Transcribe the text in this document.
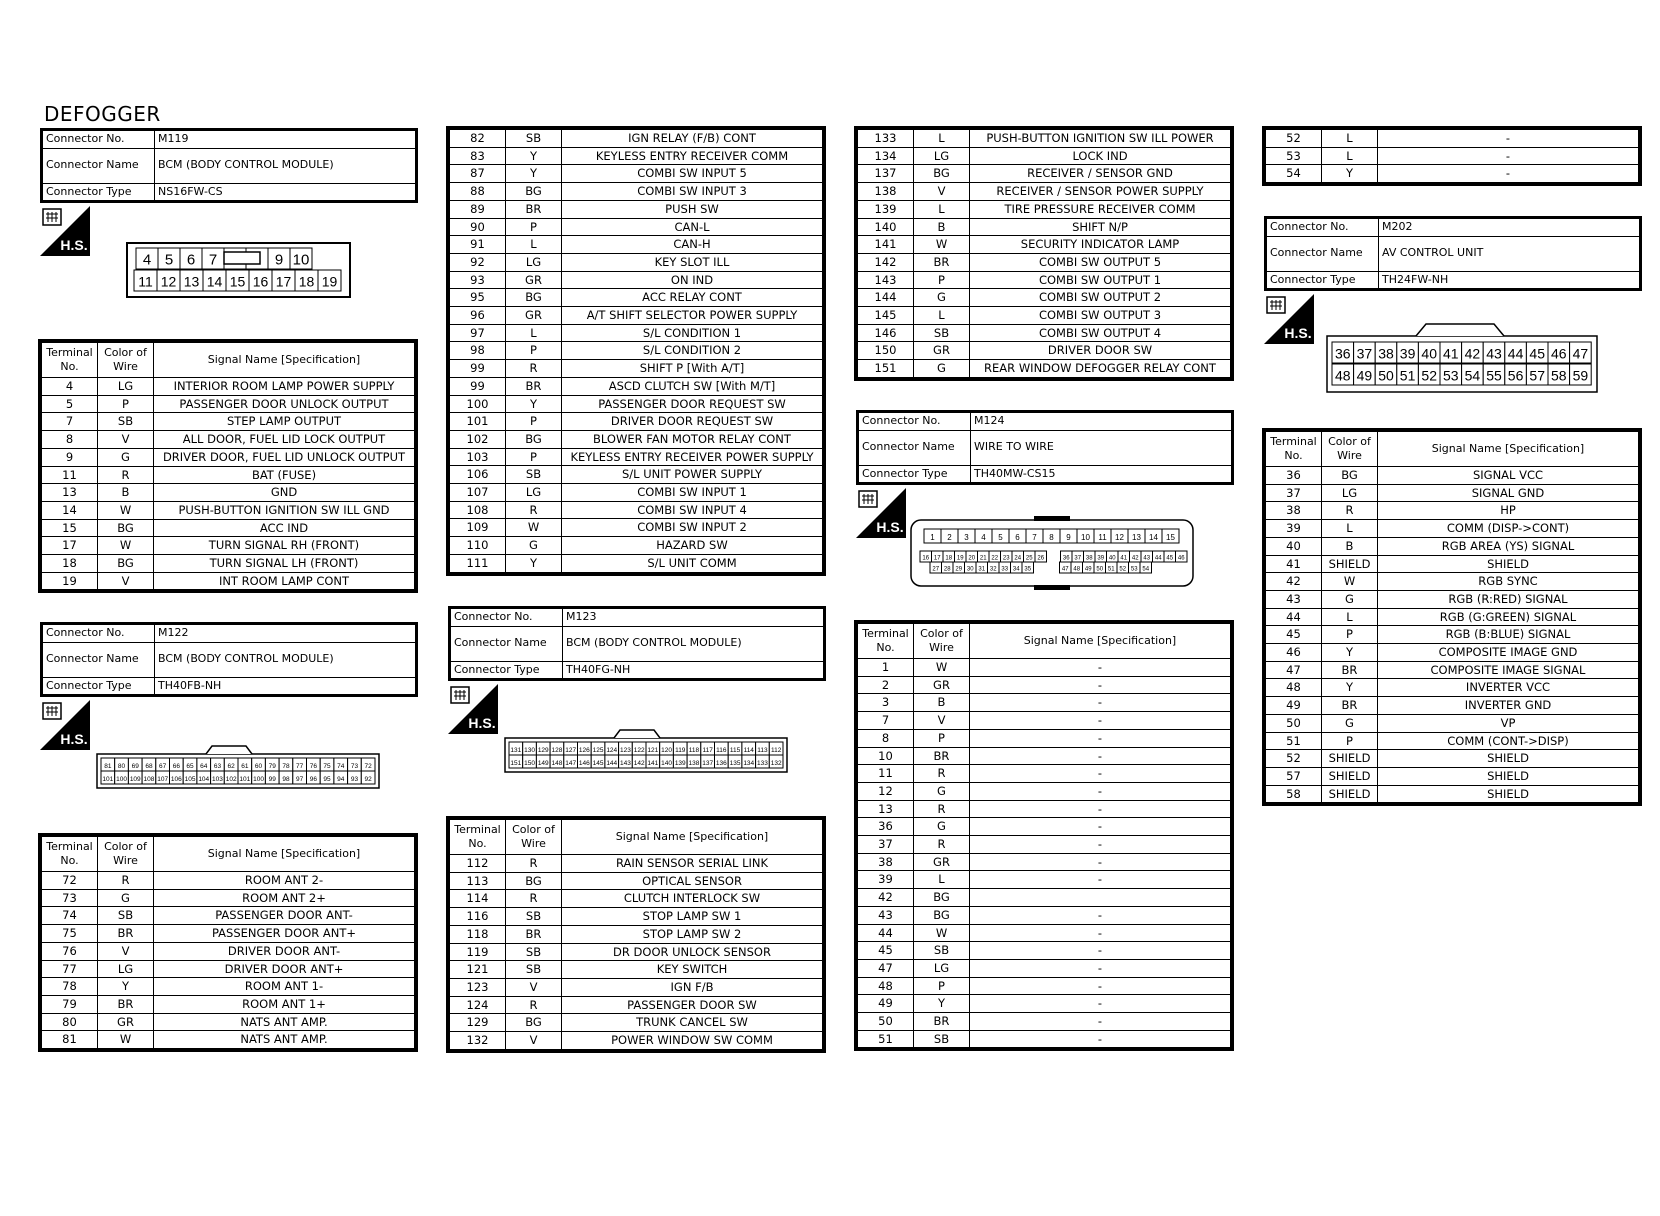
DEFOGGER
Connector No.	M119
Connector Name	BCM (BODY CONTROL MODULE)
Connector Type	NS16FW-CS
H.S.
4 5 6 7	9 10
11 12 13 14 15 16 17 18 19
Terminal No.	Color of Wire	Signal Name [Specification]
4	LG	INTERIOR ROOM LAMP POWER SUPPLY
5	P	PASSENGER DOOR UNLOCK OUTPUT
7	SB	STEP LAMP OUTPUT
8	V	ALL DOOR, FUEL LID LOCK OUTPUT
9	G	DRIVER DOOR, FUEL LID UNLOCK OUTPUT
11	R	BAT (FUSE)
13	B	GND
14	W	PUSH-BUTTON IGNITION SW ILL GND
15	BG	ACC IND
17	W	TURN SIGNAL RH (FRONT)
18	BG	TURN SIGNAL LH (FRONT)
19	V	INT ROOM LAMP CONT
Connector No.	M122
Connector Name	BCM (BODY CONTROL MODULE)
Connector Type	TH40FB-NH
H.S.
81 80 69 68 67 66 65 64 63 62 61 60 79 78 77 76 75 74 73 72
101 100 109 108 107 106 105 104 103 102 101 100 99 98 97 96 95 94 93 92
Terminal No.	Color of Wire	Signal Name [Specification]
72	R	ROOM ANT 2-
73	G	ROOM ANT 2+
74	SB	PASSENGER DOOR ANT-
75	BR	PASSENGER DOOR ANT+
76	V	DRIVER DOOR ANT-
77	LG	DRIVER DOOR ANT+
78	Y	ROOM ANT 1-
79	BR	ROOM ANT 1+
80	GR	NATS ANT AMP.
81	W	NATS ANT AMP.
82	SB	IGN RELAY (F/B) CONT
83	Y	KEYLESS ENTRY RECEIVER COMM
87	Y	COMBI SW INPUT 5
88	BG	COMBI SW INPUT 3
89	BR	PUSH SW
90	P	CAN-L
91	L	CAN-H
92	LG	KEY SLOT ILL
93	GR	ON IND
95	BG	ACC RELAY CONT
96	GR	A/T SHIFT SELECTOR POWER SUPPLY
97	L	S/L CONDITION 1
98	P	S/L CONDITION 2
99	R	SHIFT P [With A/T]
99	BR	ASCD CLUTCH SW [With M/T]
100	Y	PASSENGER DOOR REQUEST SW
101	P	DRIVER DOOR REQUEST SW
102	BG	BLOWER FAN MOTOR RELAY CONT
103	P	KEYLESS ENTRY RECEIVER POWER SUPPLY
106	SB	S/L UNIT POWER SUPPLY
107	LG	COMBI SW INPUT 1
108	R	COMBI SW INPUT 4
109	W	COMBI SW INPUT 2
110	G	HAZARD SW
111	Y	S/L UNIT COMM
Connector No.	M123
Connector Name	BCM (BODY CONTROL MODULE)
Connector Type	TH40FG-NH
H.S.
131 130 129 128 127 126 125 124 123 122 121 120 119 118 117 116 115 114 113 112
151 150 149 148 147 146 145 144 143 142 141 140 139 138 137 136 135 134 133 132
Terminal No.	Color of Wire	Signal Name [Specification]
112	R	RAIN SENSOR SERIAL LINK
113	BG	OPTICAL SENSOR
114	R	CLUTCH INTERLOCK SW
116	SB	STOP LAMP SW 1
118	BR	STOP LAMP SW 2
119	SB	DR DOOR UNLOCK SENSOR
121	SB	KEY SWITCH
123	V	IGN F/B
124	R	PASSENGER DOOR SW
129	BG	TRUNK CANCEL SW
132	V	POWER WINDOW SW COMM
133	L	PUSH-BUTTON IGNITION SW ILL POWER
134	LG	LOCK IND
137	BG	RECEIVER / SENSOR GND
138	V	RECEIVER / SENSOR POWER SUPPLY
139	L	TIRE PRESSURE RECEIVER COMM
140	B	SHIFT N/P
141	W	SECURITY INDICATOR LAMP
142	BR	COMBI SW OUTPUT 5
143	P	COMBI SW OUTPUT 1
144	G	COMBI SW OUTPUT 2
145	L	COMBI SW OUTPUT 3
146	SB	COMBI SW OUTPUT 4
150	GR	DRIVER DOOR SW
151	G	REAR WINDOW DEFOGGER RELAY CONT
Connector No.	M124
Connector Name	WIRE TO WIRE
Connector Type	TH40MW-CS15
H.S.
1 2 3 4 5 6 7 8 9 10 11 12 13 14 15
16 17 18 19 20 21 22 23 24 25 26	36 37 38 39 40 41 42 43 44 45 46
27 28 29 30 31 32 33 34 35	47 48 49 50 51 52 53 54
Terminal No.	Color of Wire	Signal Name [Specification]
1	W	-
2	GR	-
3	B	-
7	V	-
8	P	-
10	BR	-
11	R	-
12	G	-
13	R	-
36	G	-
37	R	-
38	GR	-
39	L	-
42	BG	
43	BG	-
44	W	-
45	SB	-
47	LG	-
48	P	-
49	Y	-
50	BR	-
51	SB	-
52	L	-
53	L	-
54	Y	-
Connector No.	M202
Connector Name	AV CONTROL UNIT
Connector Type	TH24FW-NH
H.S.
36 37 38 39 40 41 42 43 44 45 46 47
48 49 50 51 52 53 54 55 56 57 58 59
Terminal No.	Color of Wire	Signal Name [Specification]
36	BG	SIGNAL VCC
37	LG	SIGNAL GND
38	R	HP
39	L	COMM (DISP->CONT)
40	B	RGB AREA (YS) SIGNAL
41	SHIELD	SHIELD
42	W	RGB SYNC
43	G	RGB (R:RED) SIGNAL
44	L	RGB (G:GREEN) SIGNAL
45	P	RGB (B:BLUE) SIGNAL
46	Y	COMPOSITE IMAGE GND
47	BR	COMPOSITE IMAGE SIGNAL
48	Y	INVERTER VCC
49	BR	INVERTER GND
50	G	VP
51	P	COMM (CONT->DISP)
52	SHIELD	SHIELD
57	SHIELD	SHIELD
58	SHIELD	SHIELD
